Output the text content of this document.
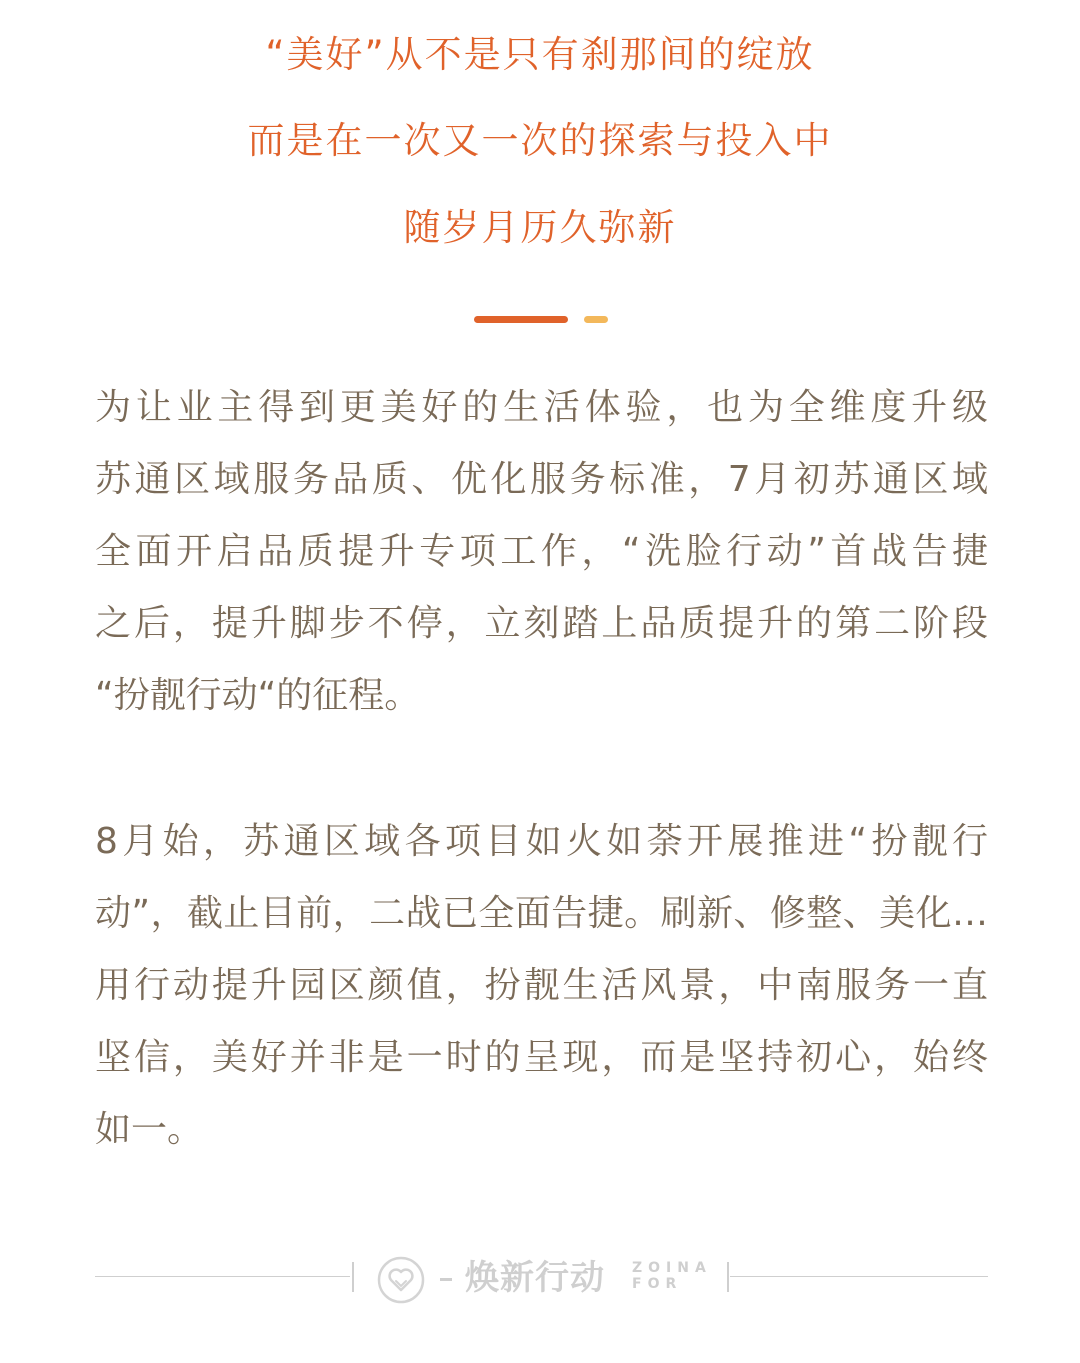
“美好”从不是只有刹那间的绽放
而是在一次又一次的探索与投入中
随岁月历久弥新
为让业主得到更美好的生活体验，也为全维度升级
苏通区域服务品质、优化服务标准，7月初苏通区域
全面开启品质提升专项工作，“洗脸行动”首战告捷
之后，提升脚步不停，立刻踏上品质提升的第二阶段
“扮靓行动“的征程。
8月始，苏通区域各项目如火如荼开展推进“扮靓行
动”，截止目前，二战已全面告捷。刷新、修整、美化…
用行动提升园区颜值，扮靓生活风景，中南服务一直
坚信，美好并非是一时的呈现，而是坚持初心，始终
如一。
焕新行动 ZOINA
FOR
